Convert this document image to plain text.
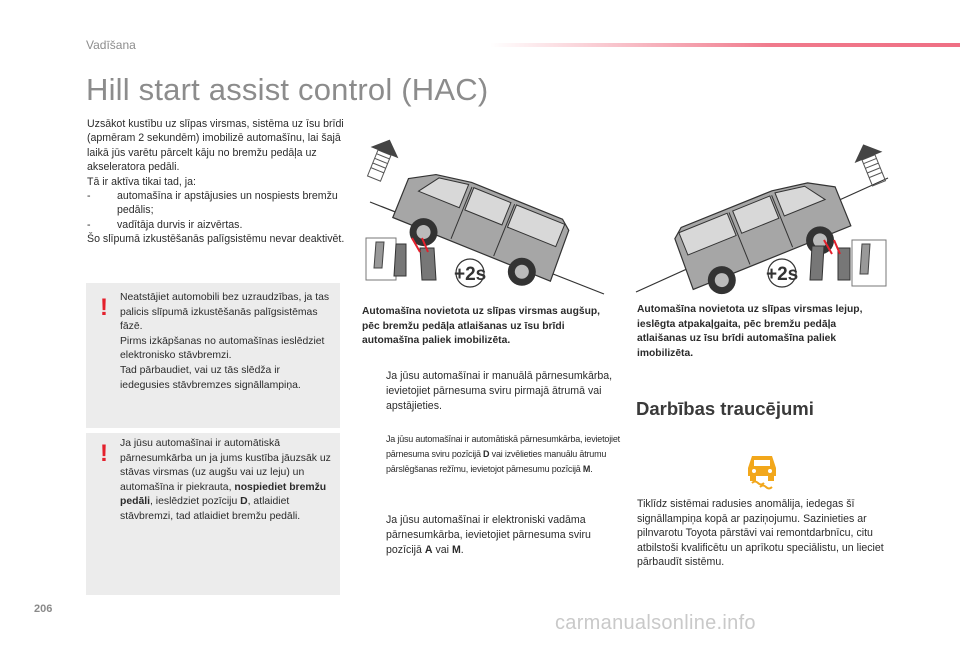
Vadīšana
Hill start assist control (HAC)

Uzsākot kustību uz slīpas virsmas, sistēma uz īsu brīdi (apmēram 2 sekundēm) imobilizē automašīnu, lai šajā laikā jūs varētu pārcelt kāju no bremžu pedāļa uz akseleratora pedāli.

Tā ir aktīva tikai tad, ja:

-	automašīna ir apstājusies un nospiests bremžu pedālis;
-	vadītāja durvis ir aizvērtas.

Šo slīpumā izkustēšanās palīgsistēmu nevar deaktivēt.

! Neatstājiet automobili bez uzraudzības, ja tas palicis slīpumā izkustēšanās palīgsistēmas fāzē.

Pirms izkāpšanas no automašīnas ieslēdziet elektronisko stāvbremzi.

Tad pārbaudiet, vai uz tās slēdža ir iedegusies stāvbremzes signāllampiņa.

! Ja jūsu automašīnai ir automātiskā pārnesumkārba un ja jums kustība jāuzsāk uz stāvas virsmas (uz augšu vai uz leju) un automašīna ir piekrauta, nospiediet bremžu pedāli, ieslēdziet pozīciju D, atlaidiet stāvbremzi, tad atlaidiet bremžu pedāli.

+2s	+2s
Automašīna novietota uz slīpas virsmas augšup, pēc bremžu pedāļa atlaišanas uz īsu brīdi automašīna paliek imobilizēta.
Automašīna novietota uz slīpas virsmas lejup, ieslēgta atpakaļgaita, pēc bremžu pedāļa atlaišanas uz īsu brīdi automašīna paliek imobilizēta.
Ja jūsu automašīnai ir manuālā pārnesumkārba, ievietojiet pārnesuma sviru pirmajā ātrumā vai apstājieties.
Ja jūsu automašīnai ir automātiskā pārnesumkārba, ievietojiet pārnesuma sviru pozīcijā D vai izvēlieties manuālu ātrumu pārslēgšanas režīmu, ievietojot pārnesumu pozīcijā M.
Ja jūsu automašīnai ir elektroniski vadāma pārnesumkārba, ievietojiet pārnesuma sviru pozīcijā A vai M.
Darbības traucējumi
Tiklīdz sistēmai radusies anomālija, iedegas šī signāllampiņa kopā ar paziņojumu. Sazinieties ar pilnvarotu Toyota pārstāvi vai remontdarbnīcu, citu atbilstoši kvalificētu un aprīkotu speciālistu, un lieciet pārbaudīt sistēmu.
206
carmanualsonline.info
